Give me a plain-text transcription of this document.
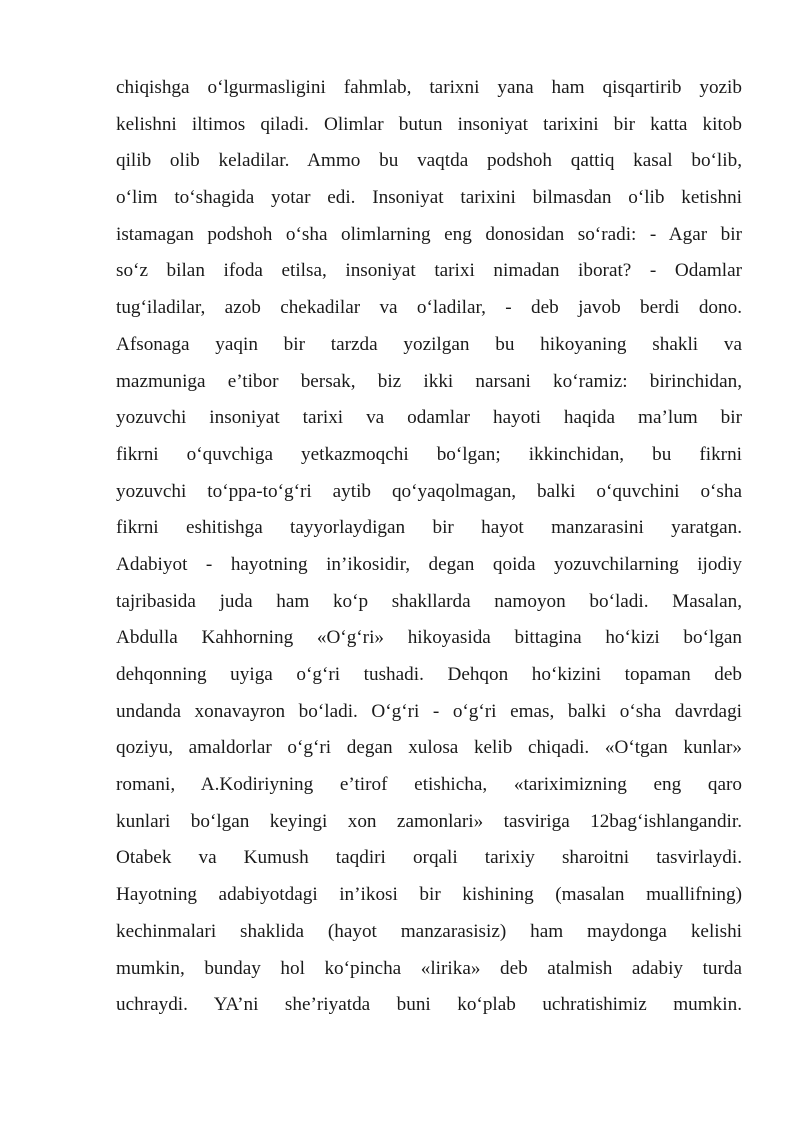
chiqishga o‘lgurmasligini fahmlab, tarixni yana ham qisqartirib yozib
kelishni iltimos qiladi. Olimlar butun insoniyat tarixini bir katta kitob
qilib olib keladilar. Ammo bu vaqtda podshoh qattiq kasal bo‘lib,
o‘lim to‘shagida yotar edi. Insoniyat tarixini bilmasdan o‘lib ketishni
istamagan podshoh o‘sha olimlarning eng donosidan so‘radi: - Agar bir
so‘z bilan ifoda etilsa, insoniyat tarixi nimadan iborat? - Odamlar
tug‘iladilar, azob chekadilar va o‘ladilar, - deb javob berdi dono.
Afsonaga yaqin bir tarzda yozilgan bu hikoyaning shakli va
mazmuniga e’tibor bersak, biz ikki narsani ko‘ramiz: birinchidan,
yozuvchi insoniyat tarixi va odamlar hayoti haqida ma’lum bir
fikrni o‘quvchiga yetkazmoqchi bo‘lgan; ikkinchidan, bu fikrni
yozuvchi to‘ppa-to‘g‘ri aytib qo‘yaqolmagan, balki o‘quvchini o‘sha
fikrni eshitishga tayyorlaydigan bir hayot manzarasini yaratgan.
Adabiyot - hayotning in’ikosidir, degan qoida yozuvchilarning ijodiy
tajribasida juda ham ko‘p shakllarda namoyon bo‘ladi. Masalan,
Abdulla Kahhorning «O‘g‘ri» hikoyasida bittagina ho‘kizi bo‘lgan
dehqonning uyiga o‘g‘ri tushadi. Dehqon ho‘kizini topaman deb
undanda xonavayron bo‘ladi. O‘g‘ri - o‘g‘ri emas, balki o‘sha davrdagi
qoziyu, amaldorlar o‘g‘ri degan xulosa kelib chiqadi. «O‘tgan kunlar»
romani, A.Kodiriyning e’tirof etishicha, «tariximizning eng qaro
kunlari bo‘lgan keyingi xon zamonlari» tasviriga 12bag‘ishlangandir.
Otabek va Kumush taqdiri orqali tarixiy sharoitni tasvirlaydi.
Hayotning adabiyotdagi in’ikosi bir kishining (masalan muallifning)
kechinmalari shaklida (hayot manzarasisiz) ham maydonga kelishi
mumkin, bunday hol ko‘pincha «lirika» deb atalmish adabiy turda
uchraydi. YA’ni she’riyatda buni ko‘plab uchratishimiz mumkin.
